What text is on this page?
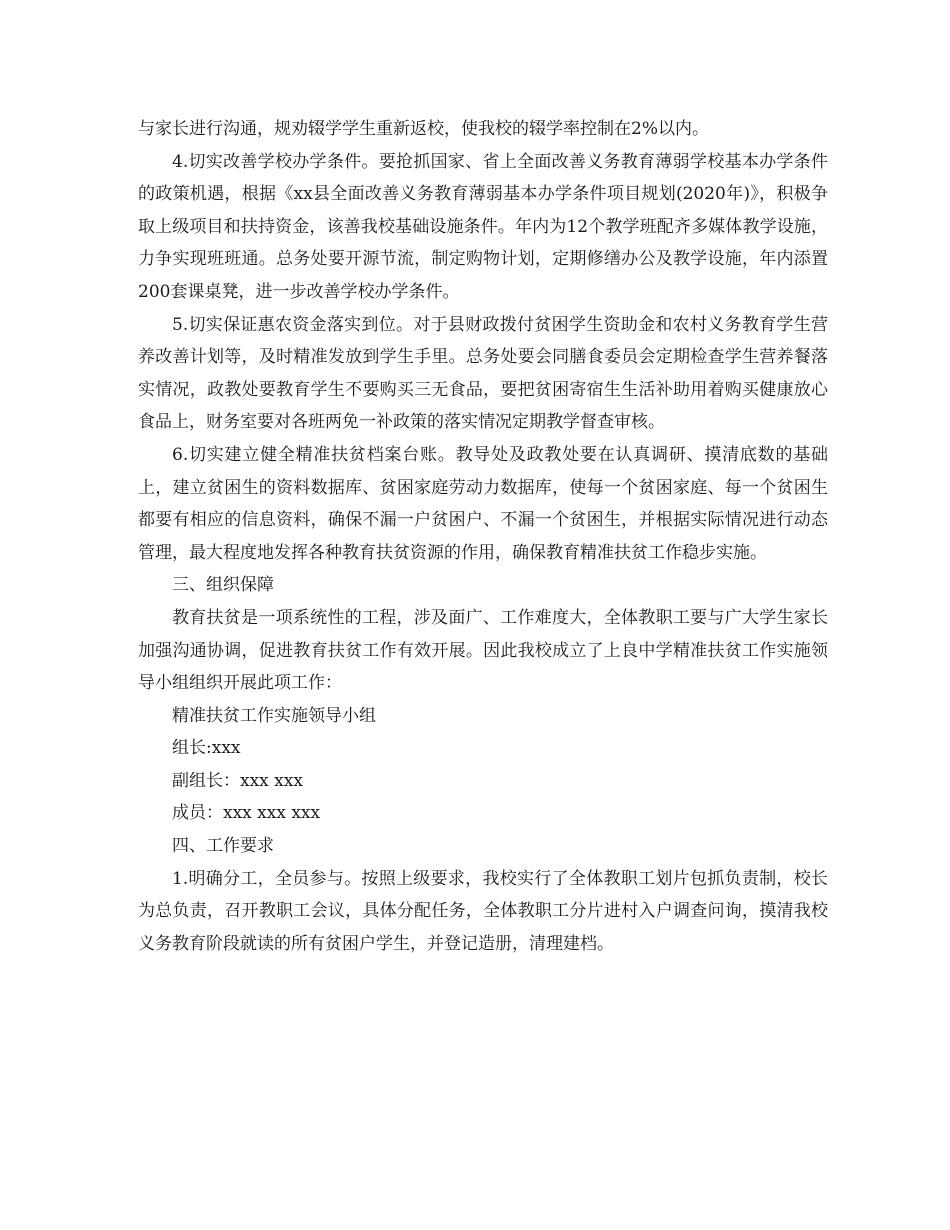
与家长进行沟通，规劝辍学学生重新返校，使我校的辍学率控制在2%以内。

4.切实改善学校办学条件。要抢抓国家、省上全面改善义务教育薄弱学校基本办学条件的政策机遇，根据《xx县全面改善义务教育薄弱基本办学条件项目规划(2020年)》，积极争取上级项目和扶持资金，该善我校基础设施条件。年内为12个教学班配齐多媒体教学设施，力争实现班班通。总务处要开源节流，制定购物计划，定期修缮办公及教学设施，年内添置200套课桌凳，进一步改善学校办学条件。

5.切实保证惠农资金落实到位。对于县财政拨付贫困学生资助金和农村义务教育学生营养改善计划等，及时精准发放到学生手里。总务处要会同膳食委员会定期检查学生营养餐落实情况，政教处要教育学生不要购买三无食品，要把贫困寄宿生生活补助用着购买健康放心食品上，财务室要对各班两免一补政策的落实情况定期教学督查审核。

6.切实建立健全精准扶贫档案台账。教导处及政教处要在认真调研、摸清底数的基础上，建立贫困生的资料数据库、贫困家庭劳动力数据库，使每一个贫困家庭、每一个贫困生都要有相应的信息资料，确保不漏一户贫困户、不漏一个贫困生，并根据实际情况进行动态管理，最大程度地发挥各种教育扶贫资源的作用，确保教育精准扶贫工作稳步实施。

三、组织保障

教育扶贫是一项系统性的工程，涉及面广、工作难度大，全体教职工要与广大学生家长加强沟通协调，促进教育扶贫工作有效开展。因此我校成立了上良中学精准扶贫工作实施领导小组组织开展此项工作：

精准扶贫工作实施领导小组

组长:xxx

副组长：xxx xxx

成员：xxx xxx xxx

四、工作要求

1.明确分工，全员参与。按照上级要求，我校实行了全体教职工划片包抓负责制，校长为总负责，召开教职工会议，具体分配任务，全体教职工分片进村入户调查问询，摸清我校义务教育阶段就读的所有贫困户学生，并登记造册，清理建档。
